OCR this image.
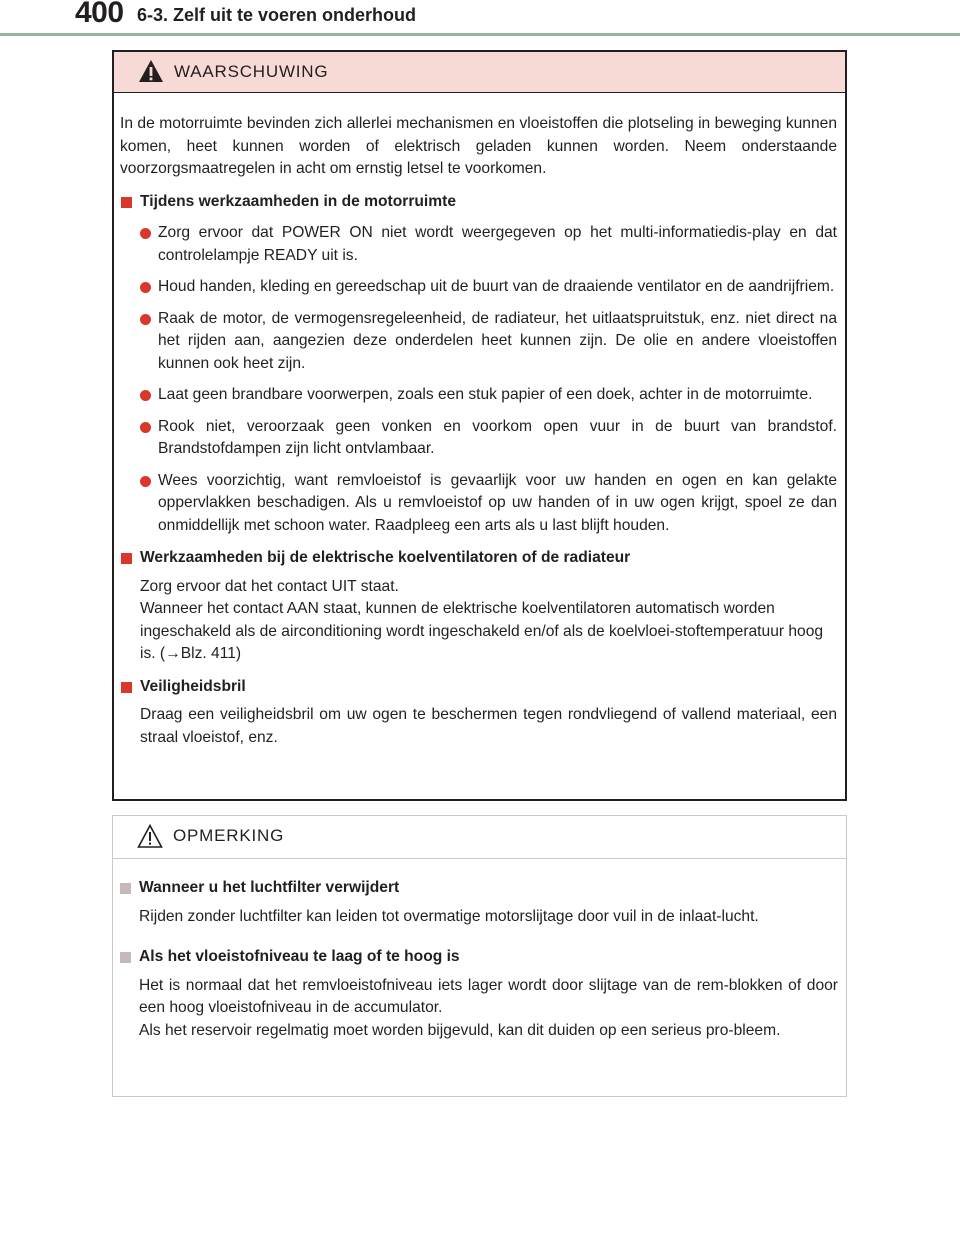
400 6-3. Zelf uit te voeren onderhoud
WAARSCHUWING

In de motorruimte bevinden zich allerlei mechanismen en vloeistoffen die plotseling in beweging kunnen komen, heet kunnen worden of elektrisch geladen kunnen worden. Neem onderstaande voorzorgsmaatregelen in acht om ernstig letsel te voorkomen.

Tijdens werkzaamheden in de motorruimte

Zorg ervoor dat POWER ON niet wordt weergegeven op het multi-informatiedis-play en dat controlelampje READY uit is.

Houd handen, kleding en gereedschap uit de buurt van de draaiende ventilator en de aandrijfriem.

Raak de motor, de vermogensregeleenheid, de radiateur, het uitlaatspruitstuk, enz. niet direct na het rijden aan, aangezien deze onderdelen heet kunnen zijn. De olie en andere vloeistoffen kunnen ook heet zijn.

Laat geen brandbare voorwerpen, zoals een stuk papier of een doek, achter in de motorruimte.

Rook niet, veroorzaak geen vonken en voorkom open vuur in de buurt van brandstof. Brandstofdampen zijn licht ontvlambaar.

Wees voorzichtig, want remvloeistof is gevaarlijk voor uw handen en ogen en kan gelakte oppervlakken beschadigen. Als u remvloeistof op uw handen of in uw ogen krijgt, spoel ze dan onmiddellijk met schoon water. Raadpleeg een arts als u last blijft houden.

Werkzaamheden bij de elektrische koelventilatoren of de radiateur

Zorg ervoor dat het contact UIT staat.

Wanneer het contact AAN staat, kunnen de elektrische koelventilatoren automatisch worden ingeschakeld als de airconditioning wordt ingeschakeld en/of als de koelvloei-stoftemperatuur hoog is. (→Blz. 411)

Veiligheidsbril

Draag een veiligheidsbril om uw ogen te beschermen tegen rondvliegend of vallend materiaal, een straal vloeistof, enz.

OPMERKING

Wanneer u het luchtfilter verwijdert

Rijden zonder luchtfilter kan leiden tot overmatige motorslijtage door vuil in de inlaat-lucht.

Als het vloeistofniveau te laag of te hoog is

Het is normaal dat het remvloeistofniveau iets lager wordt door slijtage van de rem-blokken of door een hoog vloeistofniveau in de accumulator.

Als het reservoir regelmatig moet worden bijgevuld, kan dit duiden op een serieus pro-bleem.
